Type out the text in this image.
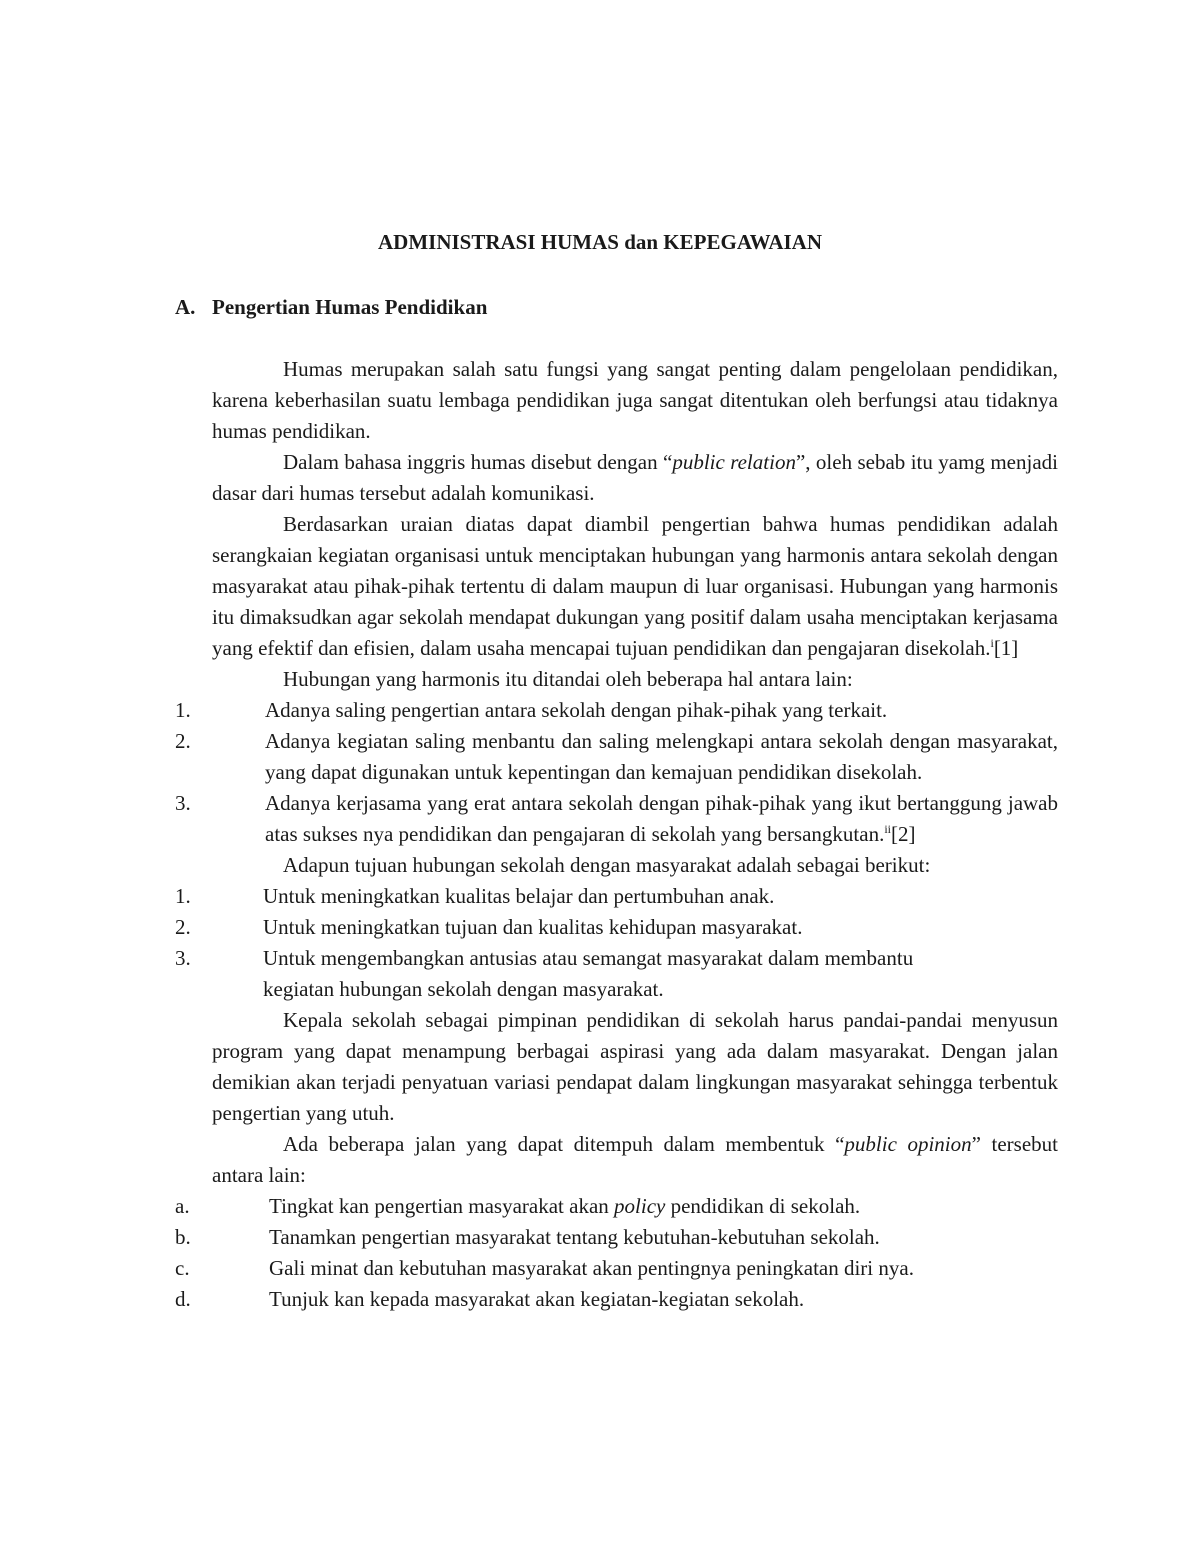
ADMINISTRASI HUMAS dan KEPEGAWAIAN
A. Pengertian Humas Pendidikan

Humas merupakan salah satu fungsi yang sangat penting dalam pengelolaan pendidikan, karena keberhasilan suatu lembaga pendidikan juga sangat ditentukan oleh berfungsi atau tidaknya humas pendidikan.

Dalam bahasa inggris humas disebut dengan “public relation”, oleh sebab itu yamg menjadi dasar dari humas tersebut adalah komunikasi.

Berdasarkan uraian diatas dapat diambil pengertian bahwa humas pendidikan adalah serangkaian kegiatan organisasi untuk menciptakan hubungan yang harmonis antara sekolah dengan masyarakat atau pihak-pihak tertentu di dalam maupun di luar organisasi. Hubungan yang harmonis itu dimaksudkan agar sekolah mendapat dukungan yang positif dalam usaha menciptakan kerjasama yang efektif dan efisien, dalam usaha mencapai tujuan pendidikan dan pengajaran disekolah.$^i$[1]

Hubungan yang harmonis itu ditandai oleh beberapa hal antara lain:

1.	Adanya saling pengertian antara sekolah dengan pihak-pihak yang terkait.
2.	Adanya kegiatan saling menbantu dan saling melengkapi antara sekolah dengan masyarakat, yang dapat digunakan untuk kepentingan dan kemajuan pendidikan disekolah.
3.	Adanya kerjasama yang erat antara sekolah dengan pihak-pihak yang ikut bertanggung jawab atas sukses nya pendidikan dan pengajaran di sekolah yang bersangkutan.$^{ii}$[2]

Adapun tujuan hubungan sekolah dengan masyarakat adalah sebagai berikut:

1.	Untuk meningkatkan kualitas belajar dan pertumbuhan anak.
2.	Untuk meningkatkan tujuan dan kualitas kehidupan masyarakat.
3.	Untuk mengembangkan antusias atau semangat masyarakat dalam membantu
kegiatan hubungan sekolah dengan masyarakat.

Kepala sekolah sebagai pimpinan pendidikan di sekolah harus pandai-pandai menyusun program yang dapat menampung berbagai aspirasi yang ada dalam masyarakat. Dengan jalan demikian akan terjadi penyatuan variasi pendapat dalam lingkungan masyarakat sehingga terbentuk pengertian yang utuh.

Ada beberapa jalan yang dapat ditempuh dalam membentuk “public opinion” tersebut antara lain:

a.	Tingkat kan pengertian masyarakat akan policy pendidikan di sekolah.
b.	Tanamkan pengertian masyarakat tentang kebutuhan-kebutuhan sekolah.
c.	Gali minat dan kebutuhan masyarakat akan pentingnya peningkatan diri nya.
d.	Tunjuk kan kepada masyarakat akan kegiatan-kegiatan sekolah.
